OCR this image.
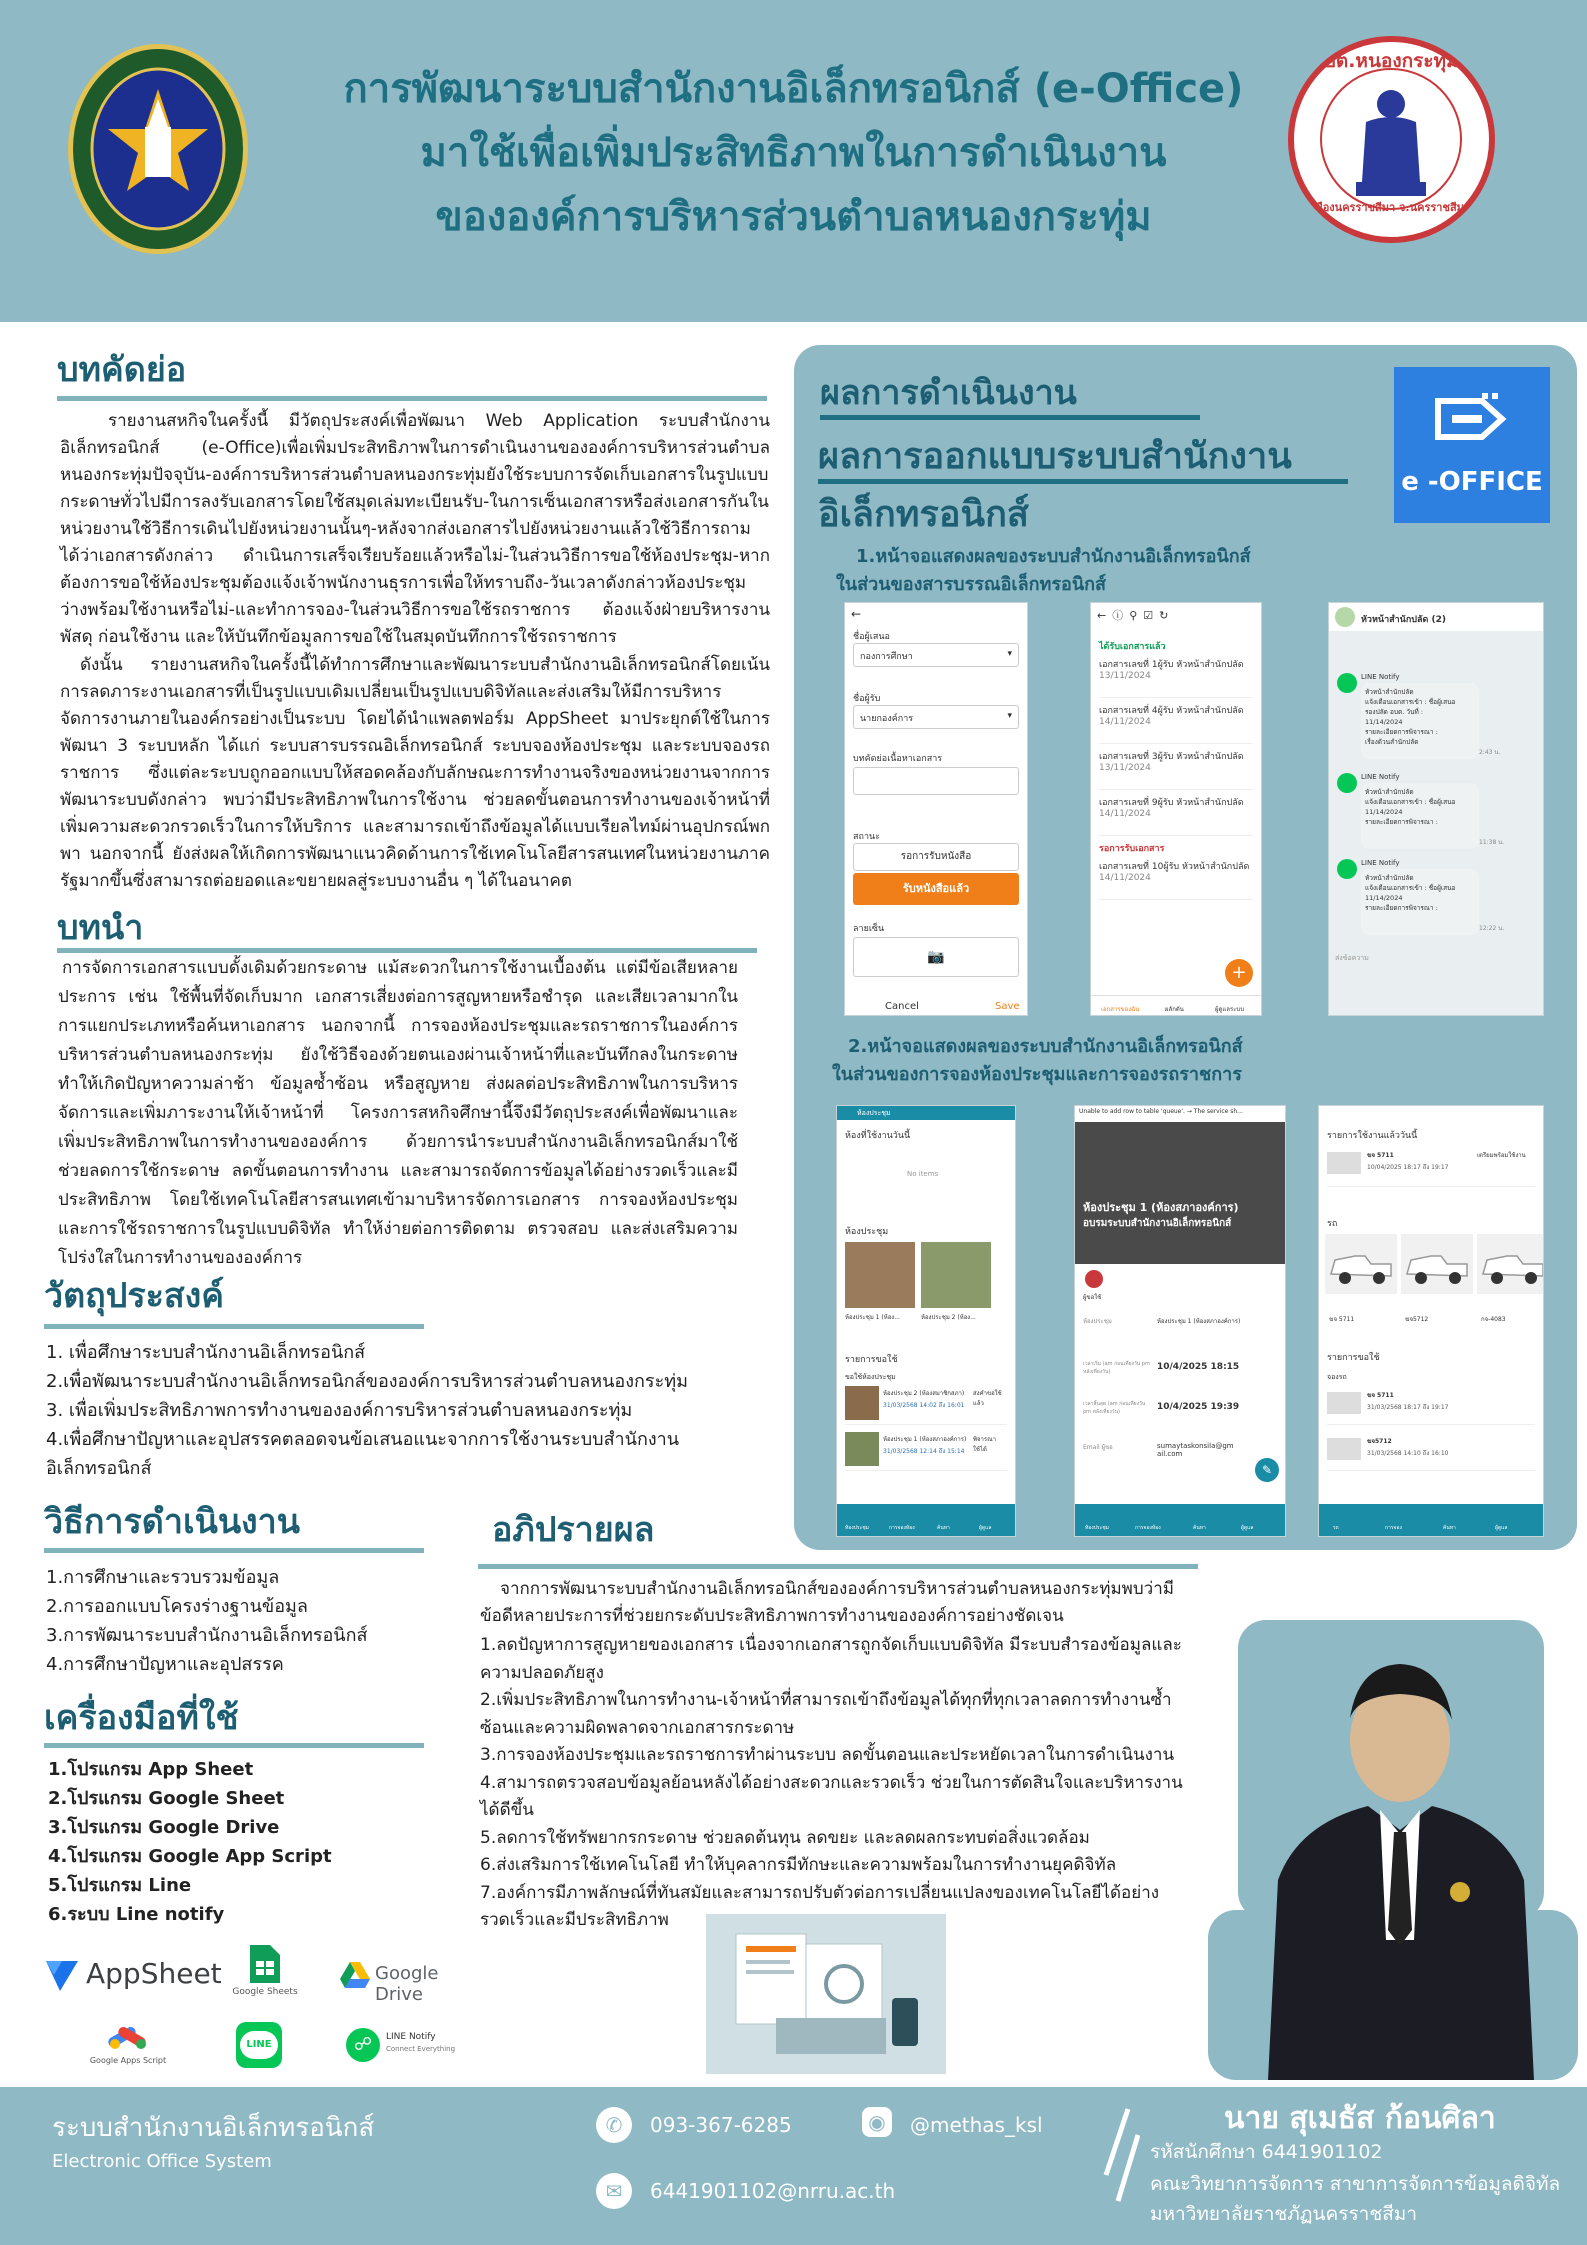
การพัฒนาระบบสำนักงานอิเล็กทรอนิกส์ (e-Office)
มาใช้เพื่อเพิ่มประสิทธิภาพในการดำเนินงาน
ขององค์การบริหารส่วนตำบลหนองกระทุ่ม
อบต.หนองกระทุ่ม
อ.เมืองนครราชสีมา จ.นครราชสีมา
บทคัดย่อ
รายงานสหกิจในครั้งนี้ มีวัตถุประสงค์เพื่อพัฒนา Web Application ระบบสำนักงานอิเล็กทรอนิกส์ (e-Office)เพื่อเพิ่มประสิทธิภาพในการดำเนินงานขององค์การบริหารส่วนตำบลหนองกระทุ่มปัจจุบัน-องค์การบริหารส่วนตำบลหนองกระทุ่มยังใช้ระบบการจัดเก็บเอกสารในรูปแบบกระดาษทั่วไปมีการลงรับเอกสารโดยใช้สมุดเล่มทะเบียนรับ-ในการเซ็นเอกสารหรือส่งเอกสารกันในหน่วยงานใช้วิธีการเดินไปยังหน่วยงานนั้นๆ-หลังจากส่งเอกสารไปยังหน่วยงานแล้วใช้วิธีการถามได้ว่าเอกสารดังกล่าว ดำเนินการเสร็จเรียบร้อยแล้วหรือไม่-ในส่วนวิธีการขอใช้ห้องประชุม-หากต้องการขอใช้ห้องประชุมต้องแจ้งเจ้าพนักงานธุรการเพื่อให้ทราบถึง-วันเวลาดังกล่าวห้องประชุมว่างพร้อมใช้งานหรือไม่-และทำการจอง-ในส่วนวิธีการขอใช้รถราชการ ต้องแจ้งฝ่ายบริหารงานพัสดุ ก่อนใช้งาน และให้บันทึกข้อมูลการขอใช้ในสมุดบันทึกการใช้รถราชการ
ดังนั้น รายงานสหกิจในครั้งนี้ได้ทำการศึกษาและพัฒนาระบบสำนักงานอิเล็กทรอนิกส์โดยเน้นการลดภาระงานเอกสารที่เป็นรูปแบบเดิมเปลี่ยนเป็นรูปแบบดิจิทัลและส่งเสริมให้มีการบริหารจัดการงานภายในองค์กรอย่างเป็นระบบ โดยได้นำแพลตฟอร์ม AppSheet มาประยุกต์ใช้ในการพัฒนา 3 ระบบหลัก ได้แก่ ระบบสารบรรณอิเล็กทรอนิกส์ ระบบจองห้องประชุม และระบบจองรถราชการ ซึ่งแต่ละระบบถูกออกแบบให้สอดคล้องกับลักษณะการทำงานจริงของหน่วยงานจากการพัฒนาระบบดังกล่าว พบว่ามีประสิทธิภาพในการใช้งาน ช่วยลดขั้นตอนการทำงานของเจ้าหน้าที่ เพิ่มความสะดวกรวดเร็วในการให้บริการ และสามารถเข้าถึงข้อมูลได้แบบเรียลไทม์ผ่านอุปกรณ์พกพา นอกจากนี้ ยังส่งผลให้เกิดการพัฒนาแนวคิดด้านการใช้เทคโนโลยีสารสนเทศในหน่วยงานภาครัฐมากขึ้นซึ่งสามารถต่อยอดและขยายผลสู่ระบบงานอื่น ๆ ได้ในอนาคต
บทนำ
การจัดการเอกสารแบบดั้งเดิมด้วยกระดาษ แม้สะดวกในการใช้งานเบื้องต้น แต่มีข้อเสียหลายประการ เช่น ใช้พื้นที่จัดเก็บมาก เอกสารเสี่ยงต่อการสูญหายหรือชำรุด และเสียเวลามากในการแยกประเภทหรือค้นหาเอกสาร นอกจากนี้ การจองห้องประชุมและรถราชการในองค์การบริหารส่วนตำบลหนองกระทุ่ม ยังใช้วิธีจองด้วยตนเองผ่านเจ้าหน้าที่และบันทึกลงในกระดาษ ทำให้เกิดปัญหาความล่าช้า ข้อมูลซ้ำซ้อน หรือสูญหาย ส่งผลต่อประสิทธิภาพในการบริหารจัดการและเพิ่มภาระงานให้เจ้าหน้าที่ โครงการสหกิจศึกษานี้จึงมีวัตถุประสงค์เพื่อพัฒนาและเพิ่มประสิทธิภาพในการทำงานขององค์การ ด้วยการนำระบบสำนักงานอิเล็กทรอนิกส์มาใช้ ช่วยลดการใช้กระดาษ ลดขั้นตอนการทำงาน และสามารถจัดการข้อมูลได้อย่างรวดเร็วและมีประสิทธิภาพ โดยใช้เทคโนโลยีสารสนเทศเข้ามาบริหารจัดการเอกสาร การจองห้องประชุม และการใช้รถราชการในรูปแบบดิจิทัล ทำให้ง่ายต่อการติดตาม ตรวจสอบ และส่งเสริมความโปร่งใสในการทำงานขององค์การ
วัตถุประสงค์
1. เพื่อศึกษาระบบสำนักงานอิเล็กทรอนิกส์
2.เพื่อพัฒนาระบบสำนักงานอิเล็กทรอนิกส์ขององค์การบริหารส่วนตำบลหนองกระทุ่ม
3. เพื่อเพิ่มประสิทธิภาพการทำงานขององค์การบริหารส่วนตำบลหนองกระทุ่ม
4.เพื่อศึกษาปัญหาและอุปสรรคตลอดจนข้อเสนอแนะจากการใช้งานระบบสำนักงาน
อิเล็กทรอนิกส์
วิธีการดำเนินงาน
1.การศึกษาและรวบรวมข้อมูล
2.การออกแบบโครงร่างฐานข้อมูล
3.การพัฒนาระบบสำนักงานอิเล็กทรอนิกส์
4.การศึกษาปัญหาและอุปสรรค
เครื่องมือที่ใช้
1.โปรแกรม App Sheet
2.โปรแกรม Google Sheet
3.โปรแกรม Google Drive
4.โปรแกรม Google App Script
5.โปรแกรม Line
6.ระบบ Line notify
AppSheet
Google Sheets
Google Drive
Google Apps Script
LINE	☍	LINE Notify
Connect Everything
ผลการดำเนินงาน
ผลการออกแบบระบบสำนักงาน
อิเล็กทรอนิกส์
e -OFFICE
1.หน้าจอแสดงผลของระบบสำนักงานอิเล็กทรอนิกส์
ในส่วนของสารบรรณอิเล็กทรอนิกส์
←
ชื่อผู้เสนอ
กองการศึกษา	▾
ชื่อผู้รับ
นายกองค์การ	▾
บทคัดย่อเนื้อหาเอกสาร
สถานะ
รอการรับหนังสือ
รับหนังสือแล้ว
ลายเซ็น
📷
Cancel	Save
←ⓘ⚲☑↻
ได้รับเอกสารแล้ว
เอกสารเลขที่ 1ผู้รับ หัวหน้าสำนักปลัด
13/11/2024
เอกสารเลขที่ 4ผู้รับ หัวหน้าสำนักปลัด
14/11/2024
เอกสารเลขที่ 3ผู้รับ หัวหน้าสำนักปลัด
13/11/2024
เอกสารเลขที่ 9ผู้รับ หัวหน้าสำนักปลัด
14/11/2024
รอการรับเอกสาร
เอกสารเลขที่ 10ผู้รับ หัวหน้าสำนักปลัด
14/11/2024
+
เอกสารของฉัน	ผลักดัน	ผู้ดูแลระบบ
หัวหน้าสำนักปลัด (2)
LINE Notify
หัวหน้าสำนักปลัด
แจ้งเตือนเอกสารเข้า : ชื่อผู้เสนอ
รองปลัด อบต. วันที่ :
11/14/2024
รายละเอียดการพิจารณา :
เรื่องด้วนสำนักปลัด
2:43 น.
LINE Notify
หัวหน้าสำนักปลัด
แจ้งเตือนเอกสารเข้า : ชื่อผู้เสนอ
11/14/2024
รายละเอียดการพิจารณา :
11:38 น.
LINE Notify
หัวหน้าสำนักปลัด
แจ้งเตือนเอกสารเข้า : ชื่อผู้เสนอ
11/14/2024
รายละเอียดการพิจารณา :
12:22 น.
ส่งข้อความ
2.หน้าจอแสดงผลของระบบสำนักงานอิเล็กทรอนิกส์
ในส่วนของการจองห้องประชุมและการจองรถราชการ
ห้องประชุม
ห้องที่ใช้งานวันนี้
No items
ห้องประชุม
ห้องประชุม 1 (ห้อง...	ห้องประชุม 2 (ห้อง...
รายการขอใช้
ขอใช้ห้องประชุม
ห้องประชุม 2 (ห้องสมาชิกสภา)
31/03/2568 14:02 ถึง 16:01
ส่งคำขอใช้แล้ว
ห้องประชุม 1 (ห้องสภาองค์การ)
31/03/2568 12:14 ถึง 15:14
พิจารณาใช้ได้
ห้องประชุม	การจองห้อง	ค้นหา	ผู้ดูแล
Unable to add row to table 'queue'. → The service sh...
ห้องประชุม 1 (ห้องสภาองค์การ)
อบรมระบบสำนักงานอิเล็กทรอนิกส์
ผู้ขอใช้
ห้องประชุม	ห้องประชุม 1 (ห้องสภาองค์การ)
เวลาเริ่ม (am ก่อนเที่ยงวัน pm หลังเที่ยงวัน)	10/4/2025 18:15
เวลาสิ้นสุด (am ก่อนเที่ยงวัน pm หลังเที่ยงวัน)	10/4/2025 19:39
Email ผู้ขอ	sumaytaskonsila@gmail.com
✎
ห้องประชุม	การจองห้อง	ค้นหา	ผู้ดูแล
รายการใช้งานแล้ววันนี้
ฆจ 5711
10/04/2025 18:17 ถึง 19:17
เตรียมพร้อมใช้งาน
รถ
ฆจ 5711	ฆจ5712	กจ-4083
รายการขอใช้
จองรถ
ฆจ 5711
31/03/2568 18:17 ถึง 19:17
ฆจ5712
31/03/2568 14:10 ถึง 16:10
รถ	การจอง	ค้นหา	ผู้ดูแล
อภิปรายผล
จากการพัฒนาระบบสำนักงานอิเล็กทรอนิกส์ขององค์การบริหารส่วนตำบลหนองกระทุ่มพบว่ามีข้อดีหลายประการที่ช่วยยกระดับประสิทธิภาพการทำงานขององค์การอย่างชัดเจน
1.ลดปัญหาการสูญหายของเอกสาร เนื่องจากเอกสารถูกจัดเก็บแบบดิจิทัล มีระบบสำรองข้อมูลและความปลอดภัยสูง
2.เพิ่มประสิทธิภาพในการทำงาน-เจ้าหน้าที่สามารถเข้าถึงข้อมูลได้ทุกที่ทุกเวลาลดการทำงานซ้ำซ้อนและความผิดพลาดจากเอกสารกระดาษ
3.การจองห้องประชุมและรถราชการทำผ่านระบบ ลดขั้นตอนและประหยัดเวลาในการดำเนินงาน
4.สามารถตรวจสอบข้อมูลย้อนหลังได้อย่างสะดวกและรวดเร็ว ช่วยในการตัดสินใจและบริหารงานได้ดีขึ้น
5.ลดการใช้ทรัพยากรกระดาษ ช่วยลดต้นทุน ลดขยะ และลดผลกระทบต่อสิ่งแวดล้อม
6.ส่งเสริมการใช้เทคโนโลยี ทำให้บุคลากรมีทักษะและความพร้อมในการทำงานยุคดิจิทัล
7.องค์การมีภาพลักษณ์ที่ทันสมัยและสามารถปรับตัวต่อการเปลี่ยนแปลงของเทคโนโลยีได้อย่างรวดเร็วและมีประสิทธิภาพ
ระบบสำนักงานอิเล็กทรอนิกส์
Electronic Office System
✆	093-367-6285	◉	@methas_ksl
✉	6441901102@nrru.ac.th
นาย สุเมธัส ก้อนศิลา
รหัสนักศึกษา 6441901102
คณะวิทยาการจัดการ สาขาการจัดการข้อมูลดิจิทัล
มหาวิทยาลัยราชภัฏนครราชสีมา
